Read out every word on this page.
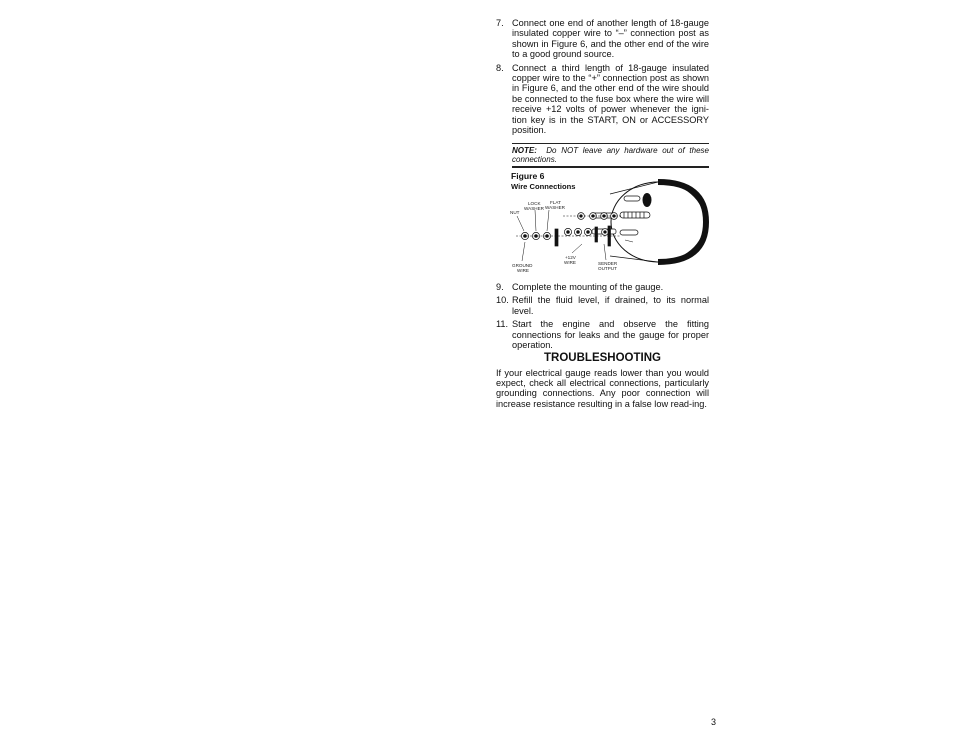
7. Connect one end of another length of 18-gauge insulated copper wire to “–” connection post as shown in Figure 6, and the other end of the wire to a good ground source.
8. Connect a third length of 18-gauge insulated copper wire to the “+” connection post as shown in Figure 6, and the other end of the wire should be connected to the fuse box where the wire will receive +12 volts of power whenever the igni-tion key is in the START, ON or ACCESSORY position.
NOTE: Do NOT leave any hardware out of these connections.
Figure 6
Wire Connections
NUT
LOCK
WASHER
FLAT
WASHER
GROUND
WIRE
+12V
WIRE	SENDER
OUTPUT
9. Complete the mounting of the gauge.
10. Refill the fluid level, if drained, to its normal level.
11. Start the engine and observe the fitting connections for leaks and the gauge for proper operation.
TROUBLESHOOTING
If your electrical gauge reads lower than you would expect, check all electrical connections, particularly grounding connections. Any poor connection will increase resistance resulting in a false low read-ing.
3
